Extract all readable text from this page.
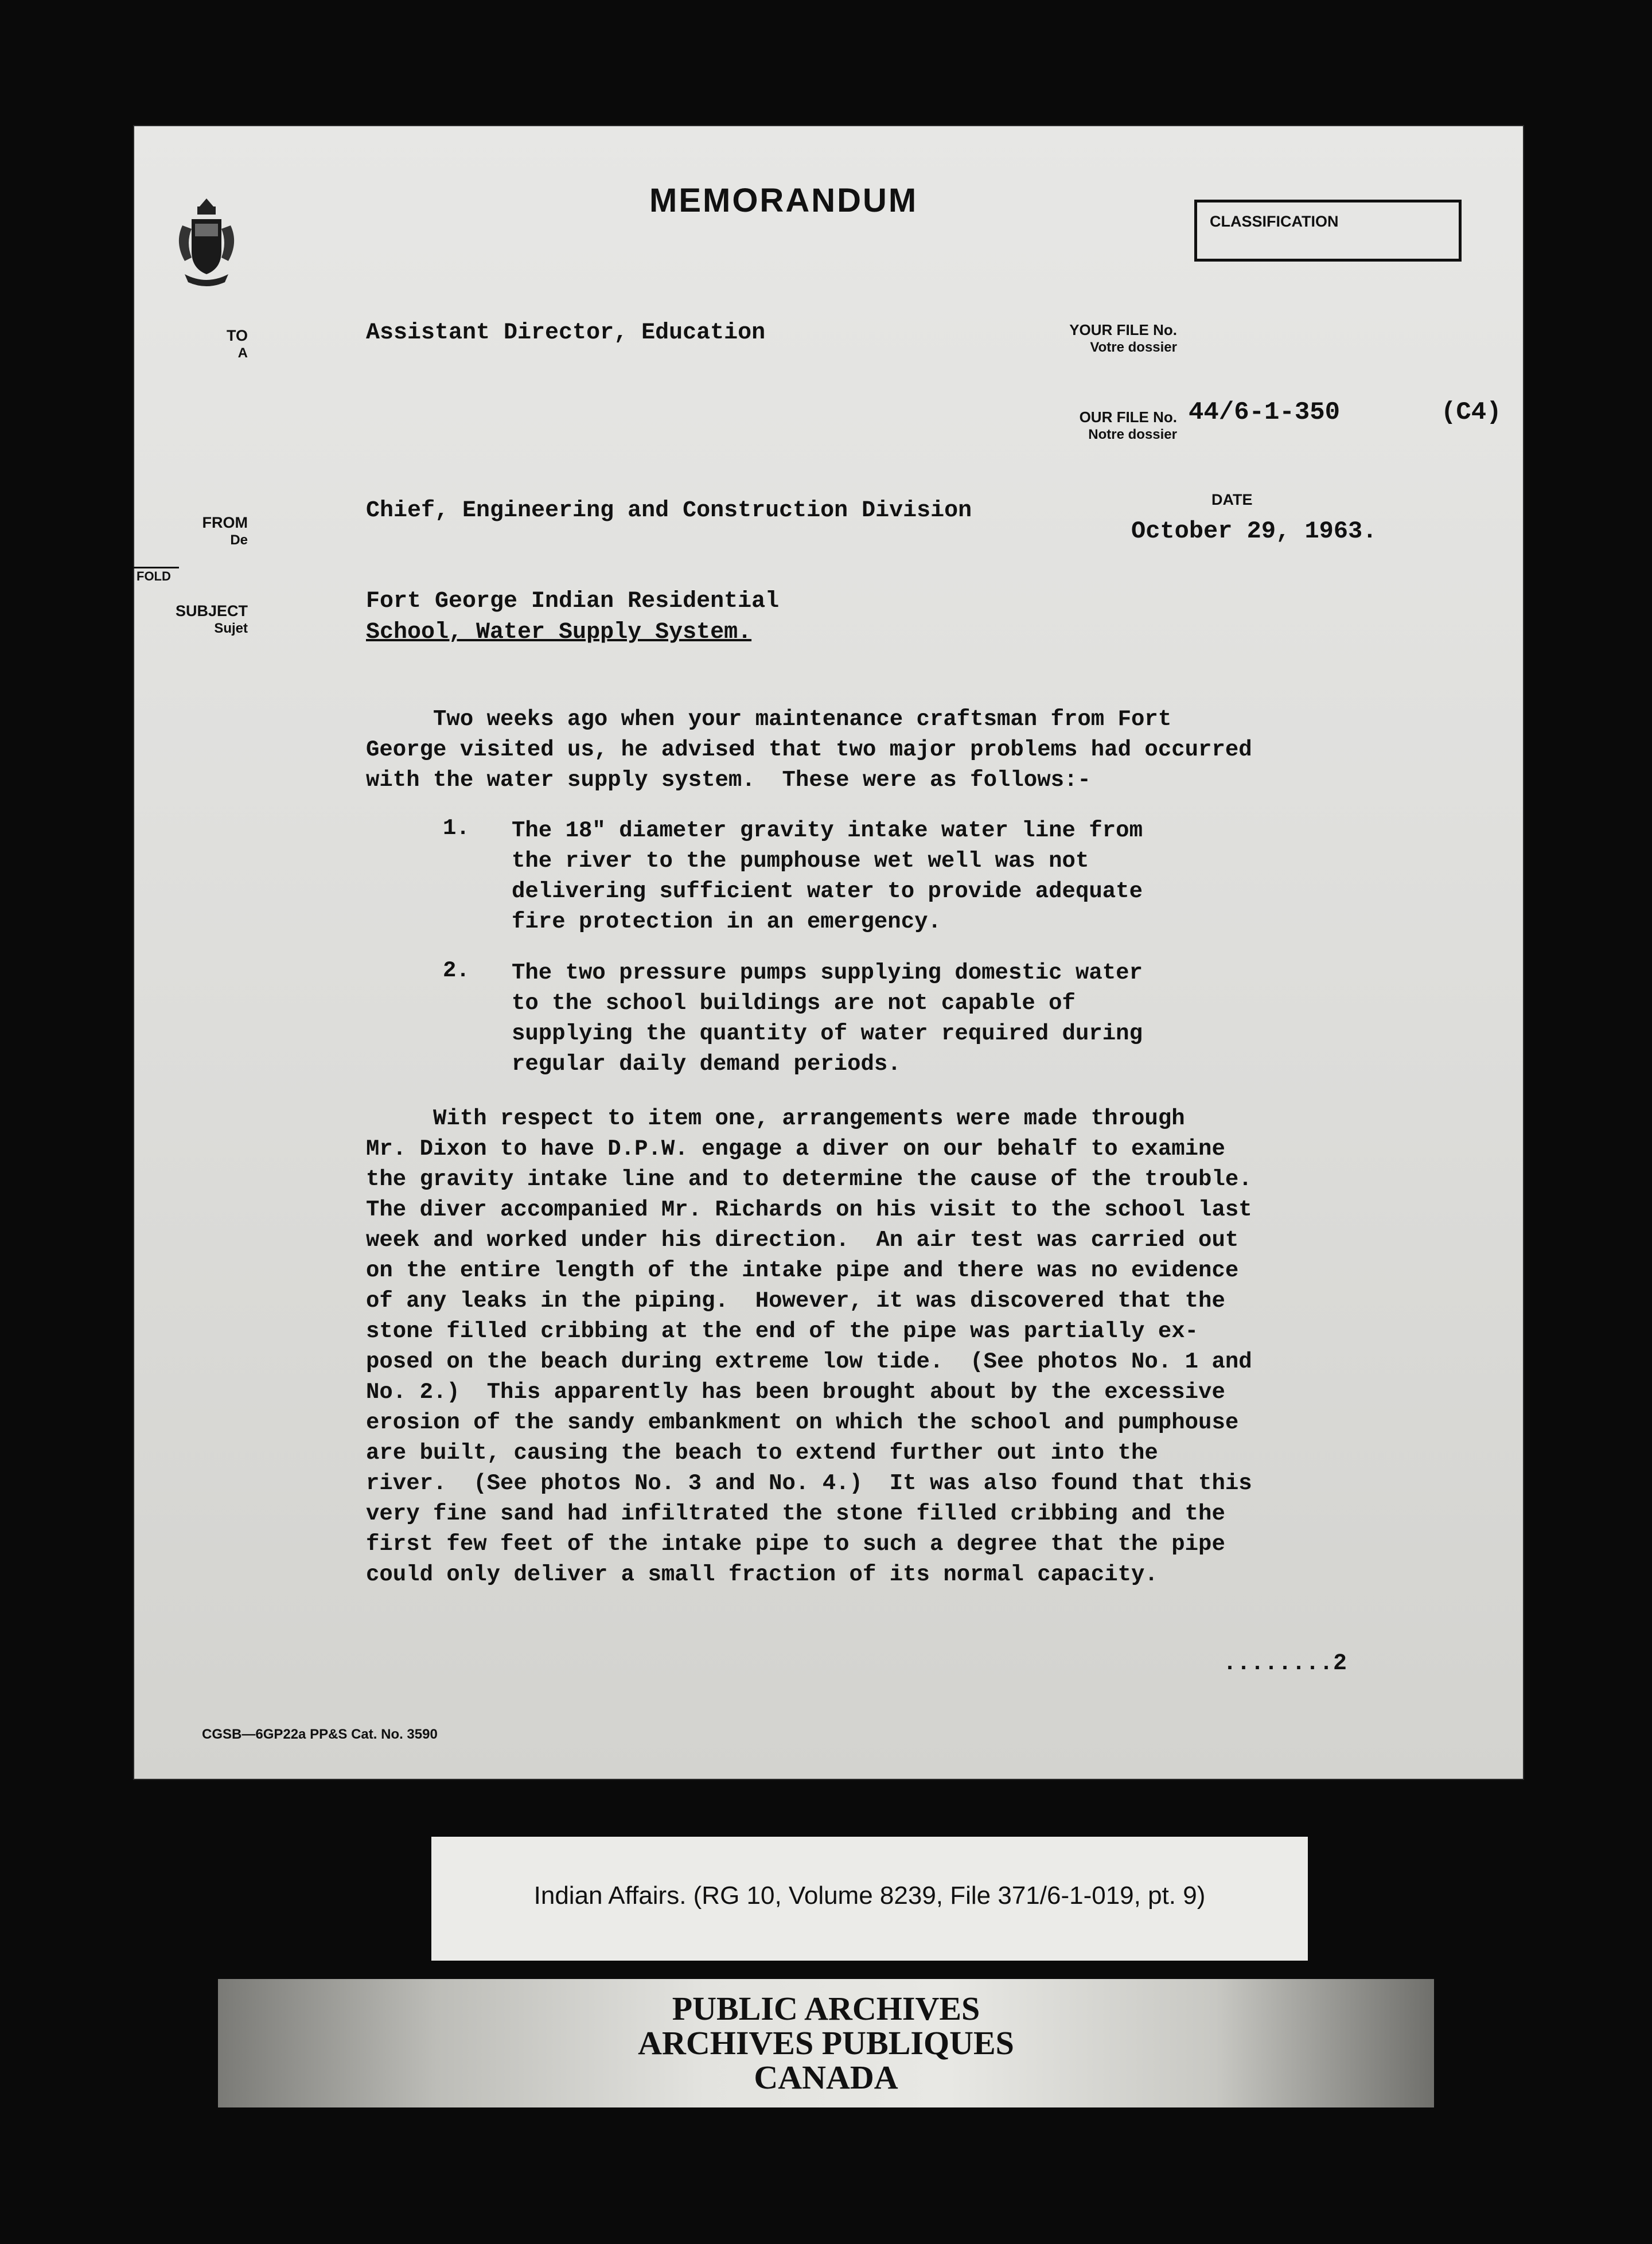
MEMORANDUM
CLASSIFICATION
TO
A
Assistant Director, Education	YOUR FILE No.
Votre dossier
OUR FILE No.
Notre dossier
44/6-1-350	(C4)
FROM
De
Chief, Engineering and Construction Division	DATE
October 29, 1963.
FOLD
SUBJECT
Sujet
Fort George Indian Residential
School, Water Supply System.
Two weeks ago when your maintenance craftsman from Fort
George visited us, he advised that two major problems had occurred
with the water supply system.  These were as follows:-
1. The 18" diameter gravity intake water line from
the river to the pumphouse wet well was not
delivering sufficient water to provide adequate
fire protection in an emergency.
2. The two pressure pumps supplying domestic water
to the school buildings are not capable of
supplying the quantity of water required during
regular daily demand periods.
With respect to item one, arrangements were made through
Mr. Dixon to have D.P.W. engage a diver on our behalf to examine
the gravity intake line and to determine the cause of the trouble.
The diver accompanied Mr. Richards on his visit to the school last
week and worked under his direction.  An air test was carried out
on the entire length of the intake pipe and there was no evidence
of any leaks in the piping.  However, it was discovered that the
stone filled cribbing at the end of the pipe was partially ex-
posed on the beach during extreme low tide.  (See photos No. 1 and
No. 2.)  This apparently has been brought about by the excessive
erosion of the sandy embankment on which the school and pumphouse
are built, causing the beach to extend further out into the
river.  (See photos No. 3 and No. 4.)  It was also found that this
very fine sand had infiltrated the stone filled cribbing and the
first few feet of the intake pipe to such a degree that the pipe
could only deliver a small fraction of its normal capacity.
........2
CGSB—6GP22a PP&S Cat. No. 3590
Indian Affairs. (RG 10, Volume 8239, File 371/6-1-019, pt. 9)
PUBLIC ARCHIVES
ARCHIVES PUBLIQUES
CANADA
